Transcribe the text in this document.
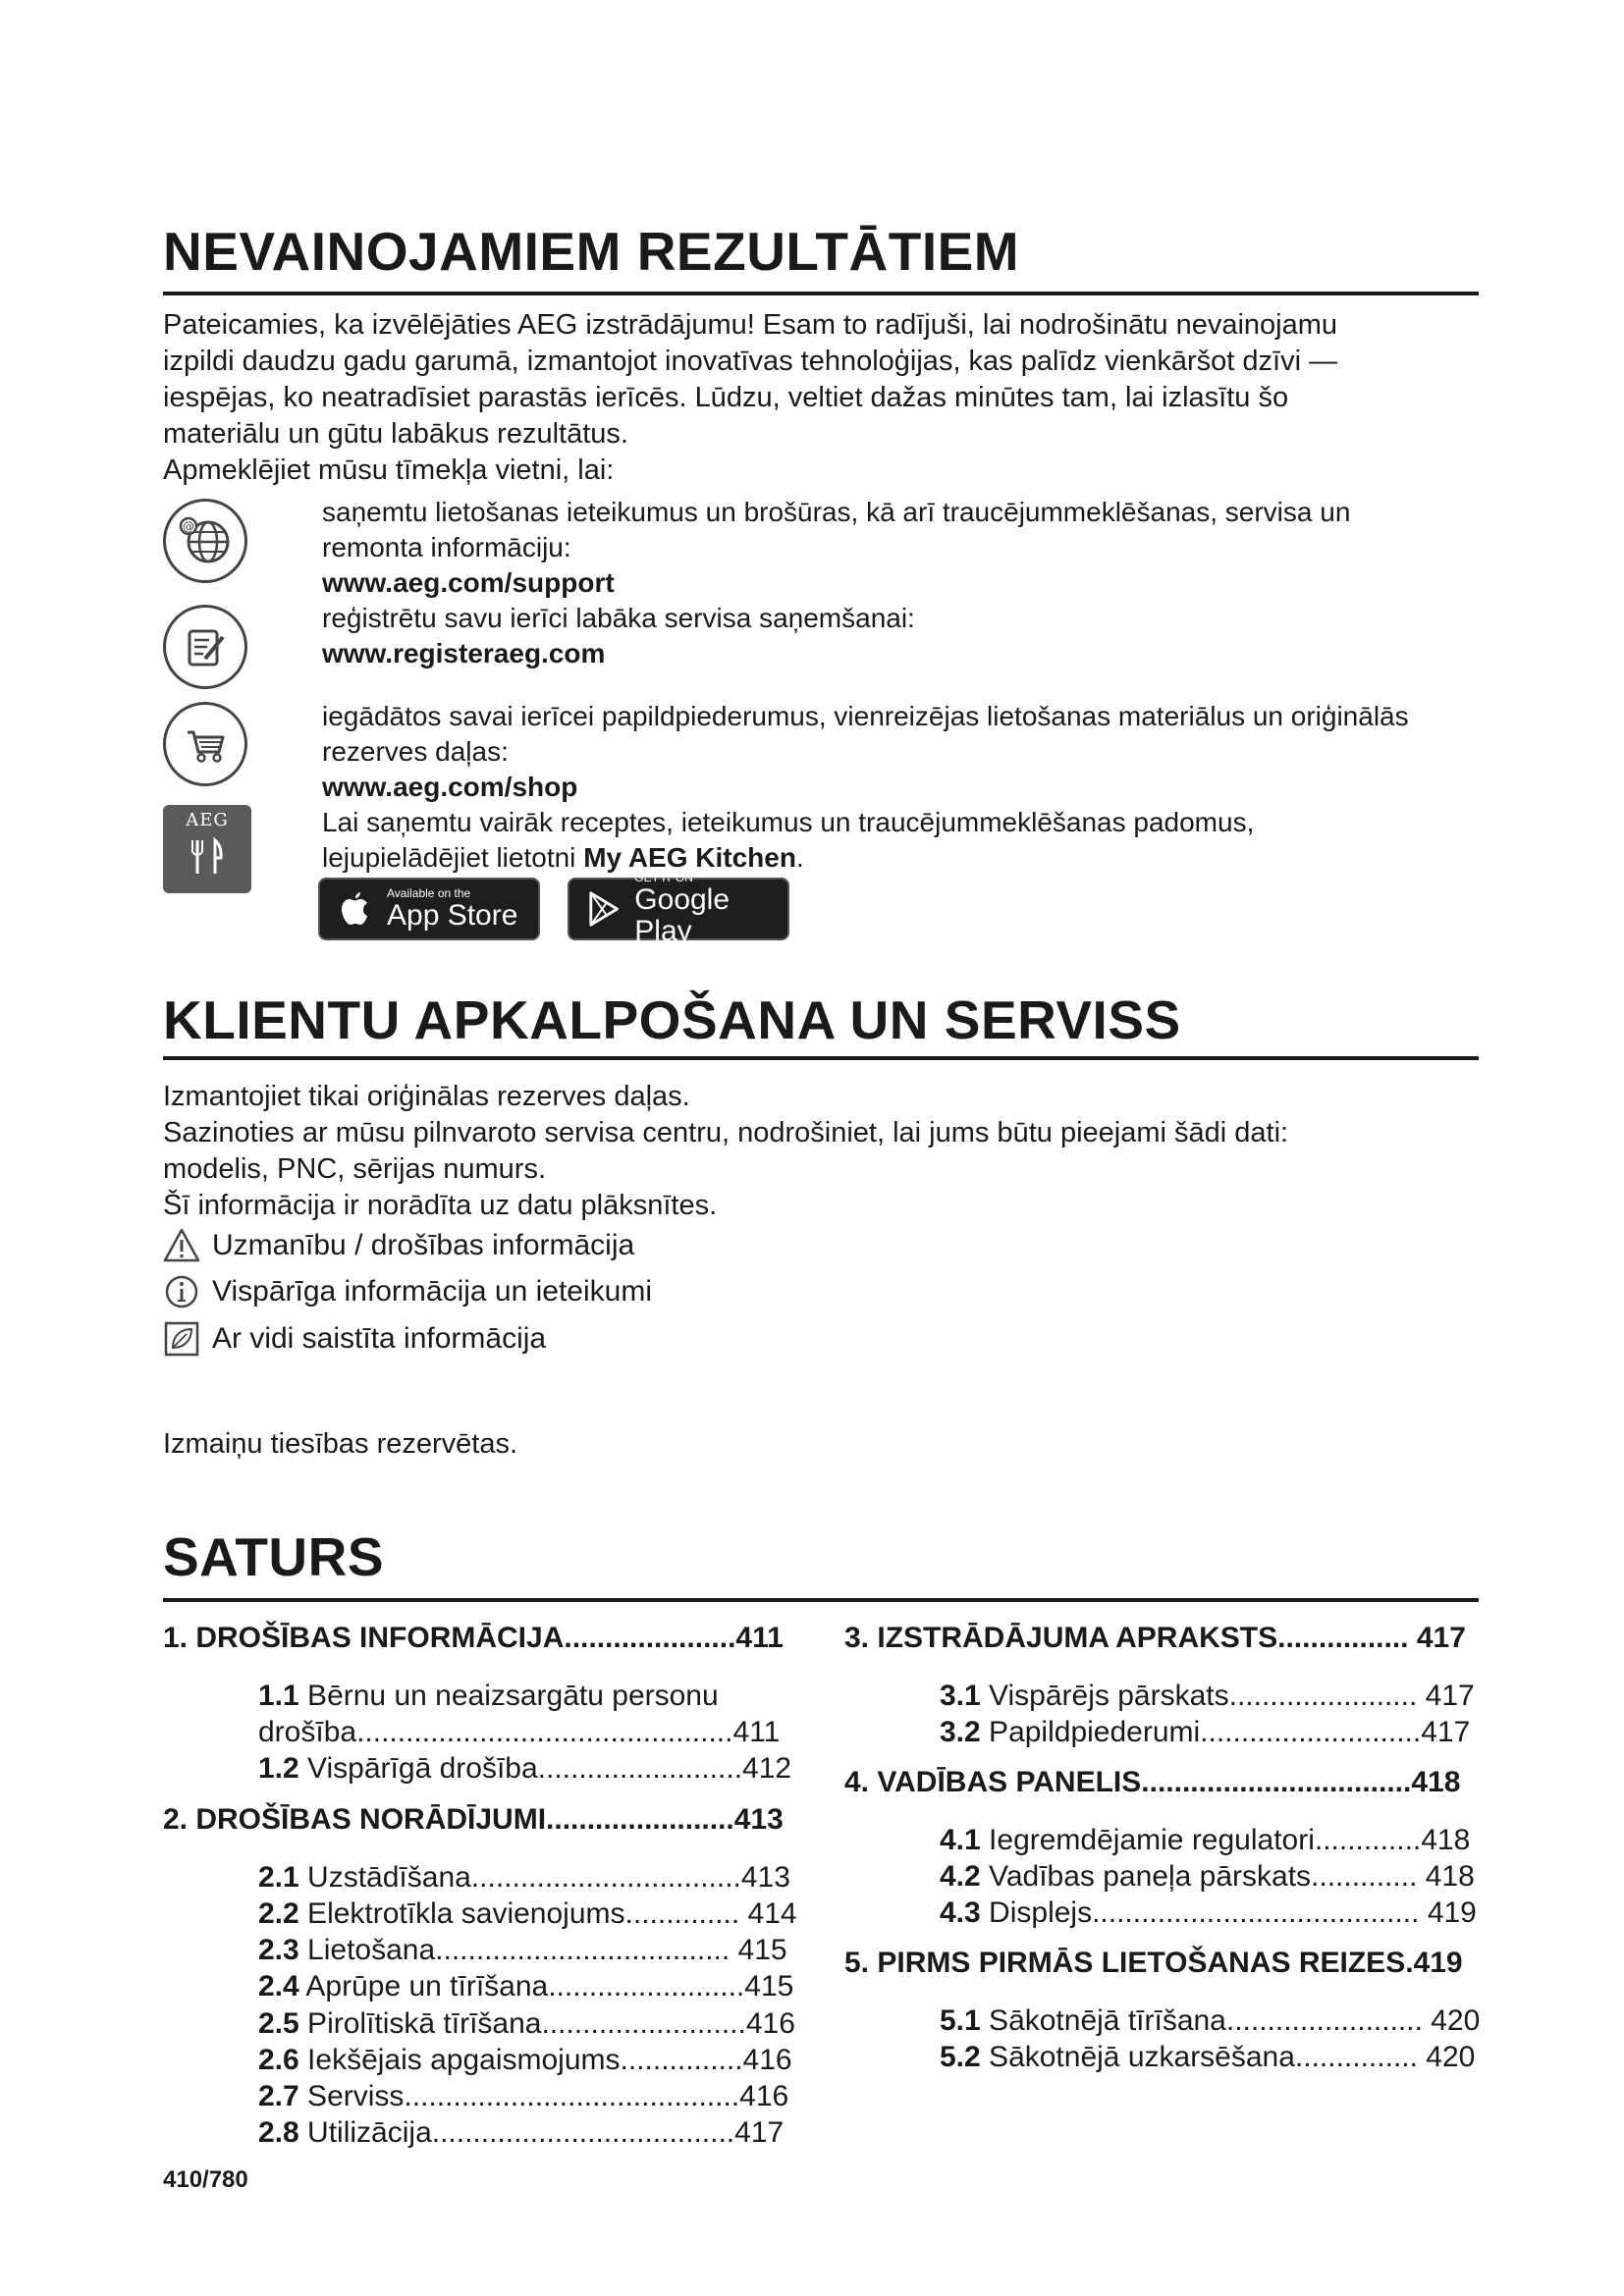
NEVAINOJAMIEM REZULTĀTIEM

Pateicamies, ka izvēlējāties AEG izstrādājumu! Esam to radījuši, lai nodrošinātu nevainojamu

izpildi daudzu gadu garumā, izmantojot inovatīvas tehnoloģijas, kas palīdz vienkāršot dzīvi —

iespējas, ko neatradīsiet parastās ierīcēs. Lūdzu, veltiet dažas minūtes tam, lai izlasītu šo

materiālu un gūtu labākus rezultātus.

Apmeklējiet mūsu tīmekļa vietni, lai:

@
AEG

saņemtu lietošanas ieteikumus un brošūras, kā arī traucējummeklēšanas, servisa un

remonta informāciju:

www.aeg.com/support

reģistrētu savu ierīci labāka servisa saņemšanai:

www.registeraeg.com

iegādātos savai ierīcei papildpiederumus, vienreizējas lietošanas materiālus un oriģinālās

rezerves daļas:

www.aeg.com/shop

Lai saņemtu vairāk receptes, ieteikumus un traucējummeklēšanas padomus,

lejupielādējiet lietotni My AEG Kitchen.

Available on the
App Store
GET IT ON
Google Play
KLIENTU APKALPOŠANA UN SERVISS

Izmantojiet tikai oriģinālas rezerves daļas.

Sazinoties ar mūsu pilnvaroto servisa centru, nodrošiniet, lai jums būtu pieejami šādi dati:

modelis, PNC, sērijas numurs.

Šī informācija ir norādīta uz datu plāksnītes.

Uzmanību / drošības informācija
Vispārīga informācija un ieteikumi
Ar vidi saistīta informācija
Izmaiņu tiesības rezervētas.
SATURS
1. DROŠĪBAS INFORMĀCIJA.....................411
1.1 Bērnu un neaizsargātu personu
drošība..............................................411
1.2 Vispārīgā drošība.........................412
2. DROŠĪBAS NORĀDĪJUMI.......................413
2.1 Uzstādīšana.................................413
2.2 Elektrotīkla savienojums.............. 414
2.3 Lietošana.................................... 415
2.4 Aprūpe un tīrīšana........................415
2.5 Pirolītiskā tīrīšana.........................416
2.6 Iekšējais apgaismojums...............416
2.7 Serviss.........................................416
2.8 Utilizācija.....................................417
3. IZSTRĀDĀJUMA APRAKSTS................ 417
3.1 Vispārējs pārskats....................... 417
3.2 Papildpiederumi...........................417
4. VADĪBAS PANELIS.................................418
4.1 Iegremdējamie regulatori.............418
4.2 Vadības paneļa pārskats............. 418
4.3 Displejs........................................ 419
5. PIRMS PIRMĀS LIETOŠANAS REIZES.419
5.1 Sākotnējā tīrīšana........................ 420
5.2 Sākotnējā uzkarsēšana............... 420
410/780
